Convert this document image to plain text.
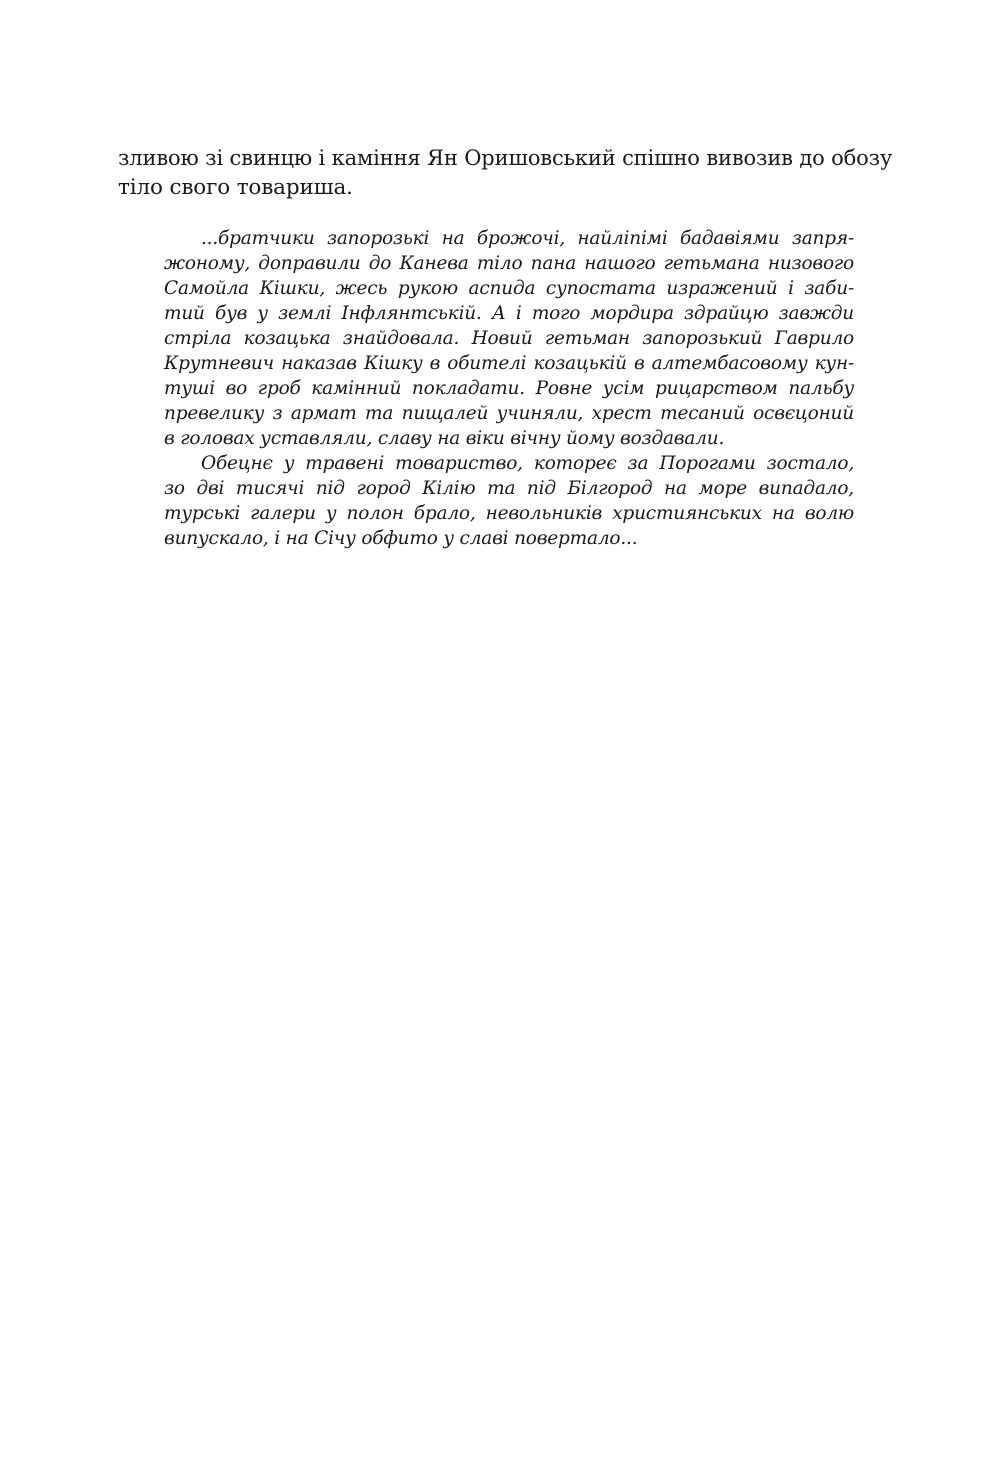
зливою зі свинцю і каміння Ян Оришовський спішно вивозив до обозу
тіло свого товариша.
...братчики запорозькі на брожочі, найліпімі бадавіями запря-
жоному, доправили до Канева тіло пана нашого гетьмана низового
Самойла Кішки, жесь рукою аспида супостата изражений і заби-
тий був у землі Інфлянтській. А і того мордира здрайцю завжди
стріла козацька знайдовала. Новий гетьман запорозький Гаврило
Крутневич наказав Кішку в обителі козацькій в алтембасовому кун-
туші во гроб камінний покладати. Ровне усім рицарством пальбу
превелику з армат та пищалей учиняли, хрест тесаний освєцоний
в головах уставляли, славу на віки вічну йому воздавали.
Обецнє у травені товариство, котореє за Порогами зостало,
зо дві тисячі під город Кілію та під Білгород на море випадало,
турські галери у полон брало, невольників християнських на волю
випускало, і на Січу обфито у славі повертало...
